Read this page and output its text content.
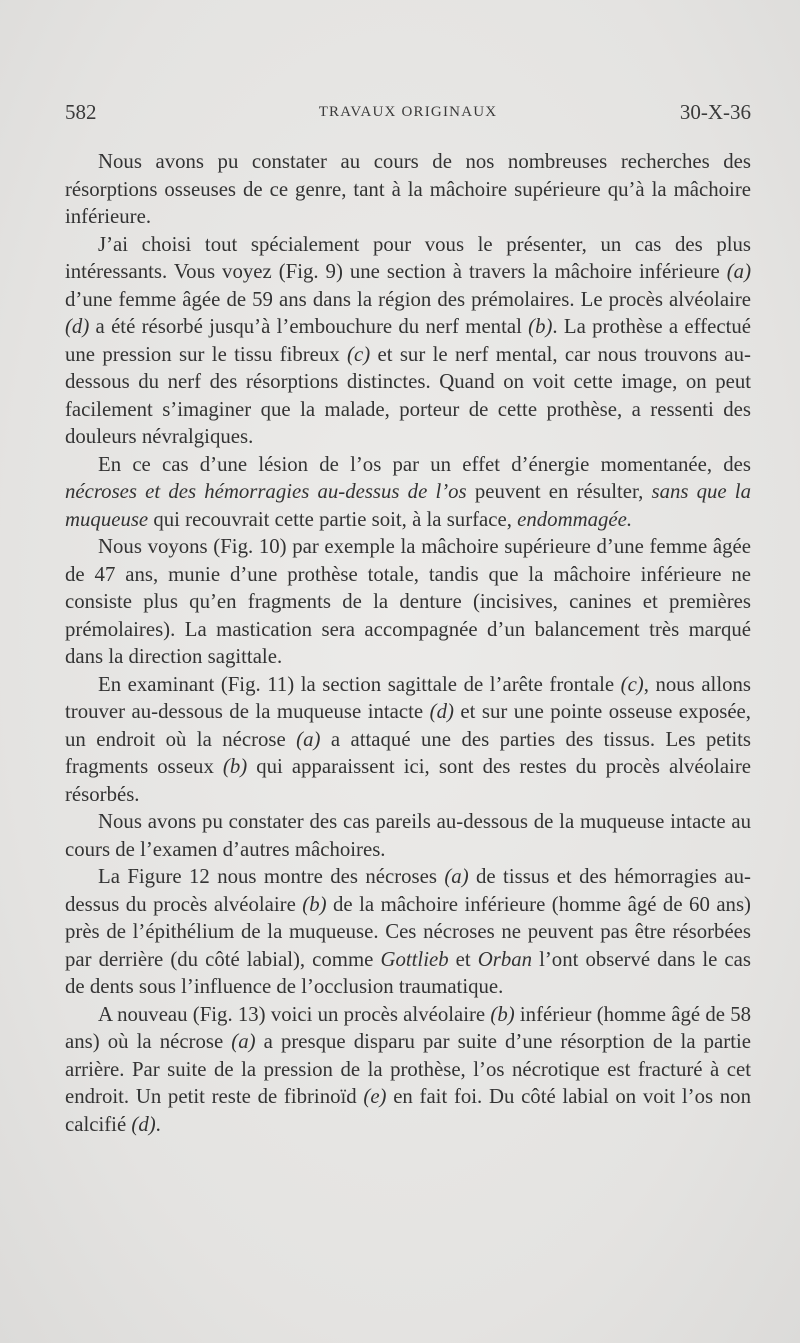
582	TRAVAUX ORIGINAUX	30-X-36

Nous avons pu constater au cours de nos nombreuses recherches des résorptions osseuses de ce genre, tant à la mâchoire supérieure qu’à la mâchoire inférieure.

J’ai choisi tout spécialement pour vous le présenter, un cas des plus intéressants. Vous voyez (Fig. 9) une section à travers la mâchoire inférieure (a) d’une femme âgée de 59 ans dans la région des prémolaires. Le procès alvéolaire (d) a été résorbé jusqu’à l’embouchure du nerf mental (b). La prothèse a effectué une pression sur le tissu fibreux (c) et sur le nerf mental, car nous trouvons au-dessous du nerf des résorptions distinctes. Quand on voit cette image, on peut facilement s’imaginer que la malade, porteur de cette prothèse, a ressenti des douleurs névralgiques.

En ce cas d’une lésion de l’os par un effet d’énergie momentanée, des nécroses et des hémorragies au-dessus de l’os peuvent en résulter, sans que la muqueuse qui recouvrait cette partie soit, à la surface, endommagée.

Nous voyons (Fig. 10) par exemple la mâchoire supérieure d’une femme âgée de 47 ans, munie d’une prothèse totale, tandis que la mâchoire inférieure ne consiste plus qu’en fragments de la denture (incisives, canines et premières prémolaires). La mastication sera accompagnée d’un balancement très marqué dans la direction sagittale.

En examinant (Fig. 11) la section sagittale de l’arête frontale (c), nous allons trouver au-dessous de la muqueuse intacte (d) et sur une pointe osseuse exposée, un endroit où la nécrose (a) a attaqué une des parties des tissus. Les petits fragments osseux (b) qui apparaissent ici, sont des restes du procès alvéolaire résorbés.

Nous avons pu constater des cas pareils au-dessous de la muqueuse intacte au cours de l’examen d’autres mâchoires.

La Figure 12 nous montre des nécroses (a) de tissus et des hémorragies au-dessus du procès alvéolaire (b) de la mâchoire inférieure (homme âgé de 60 ans) près de l’épithélium de la muqueuse. Ces nécroses ne peuvent pas être résorbées par derrière (du côté labial), comme Gottlieb et Orban l’ont observé dans le cas de dents sous l’influence de l’occlusion traumatique.

A nouveau (Fig. 13) voici un procès alvéolaire (b) inférieur (homme âgé de 58 ans) où la nécrose (a) a presque disparu par suite d’une résorption de la partie arrière. Par suite de la pression de la prothèse, l’os nécrotique est fracturé à cet endroit. Un petit reste de fibrinoïd (e) en fait foi. Du côté labial on voit l’os non calcifié (d).
